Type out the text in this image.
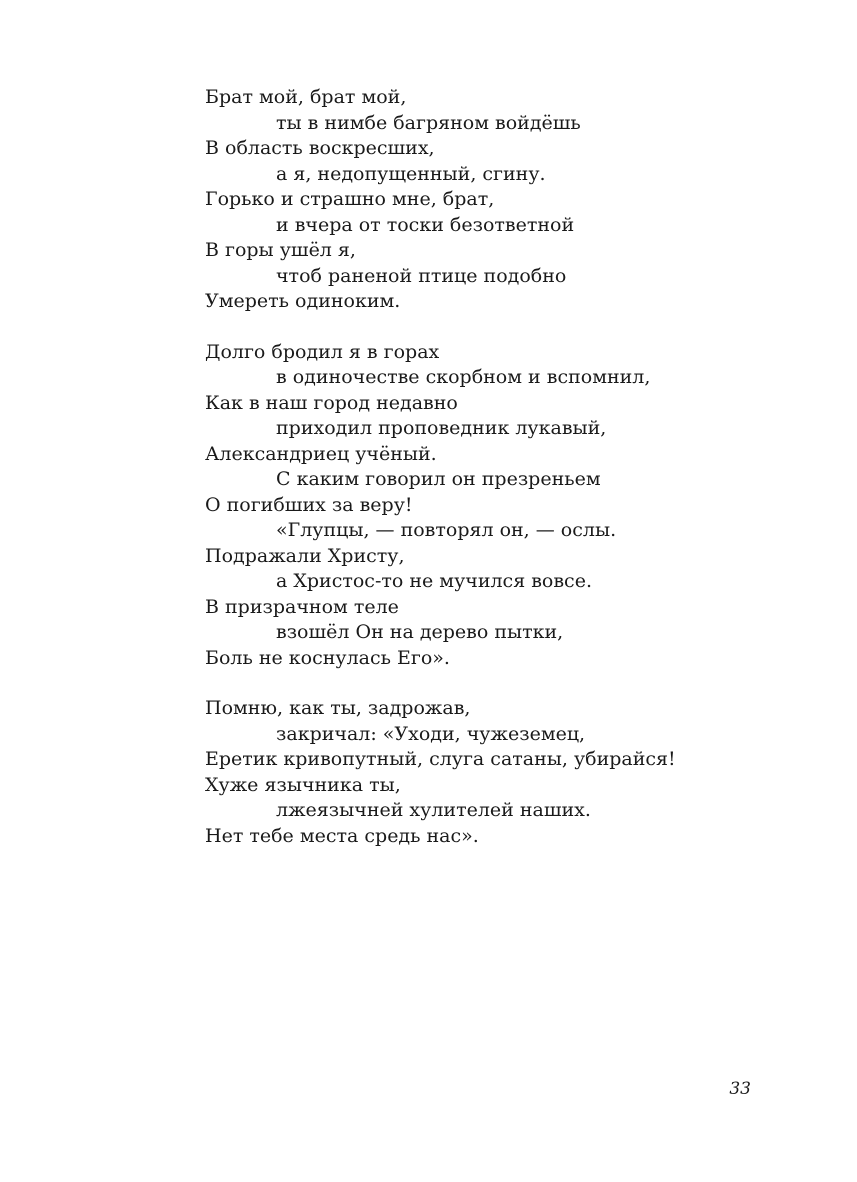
Брат мой, брат мой,
ты в нимбе багряном войдёшь
В область воскресших,
а я, недопущенный, сгину.
Горько и страшно мне, брат,
и вчера от тоски безответной
В горы ушёл я,
чтоб раненой птице подобно
Умереть одиноким.
Долго бродил я в горах
в одиночестве скорбном и вспомнил,
Как в наш город недавно
приходил проповедник лукавый,
Александриец учёный.
С каким говорил он презреньем
О погибших за веру!
«Глупцы, — повторял он, — ослы.
Подражали Христу,
а Христос-то не мучился вовсе.
В призрачном теле
взошёл Он на дерево пытки,
Боль не коснулась Его».
Помню, как ты, задрожав,
закричал: «Уходи, чужеземец,
Еретик кривопутный, слуга сатаны, убирайся!
Хуже язычника ты,
лжеязычней хулителей наших.
Нет тебе места средь нас».
33
